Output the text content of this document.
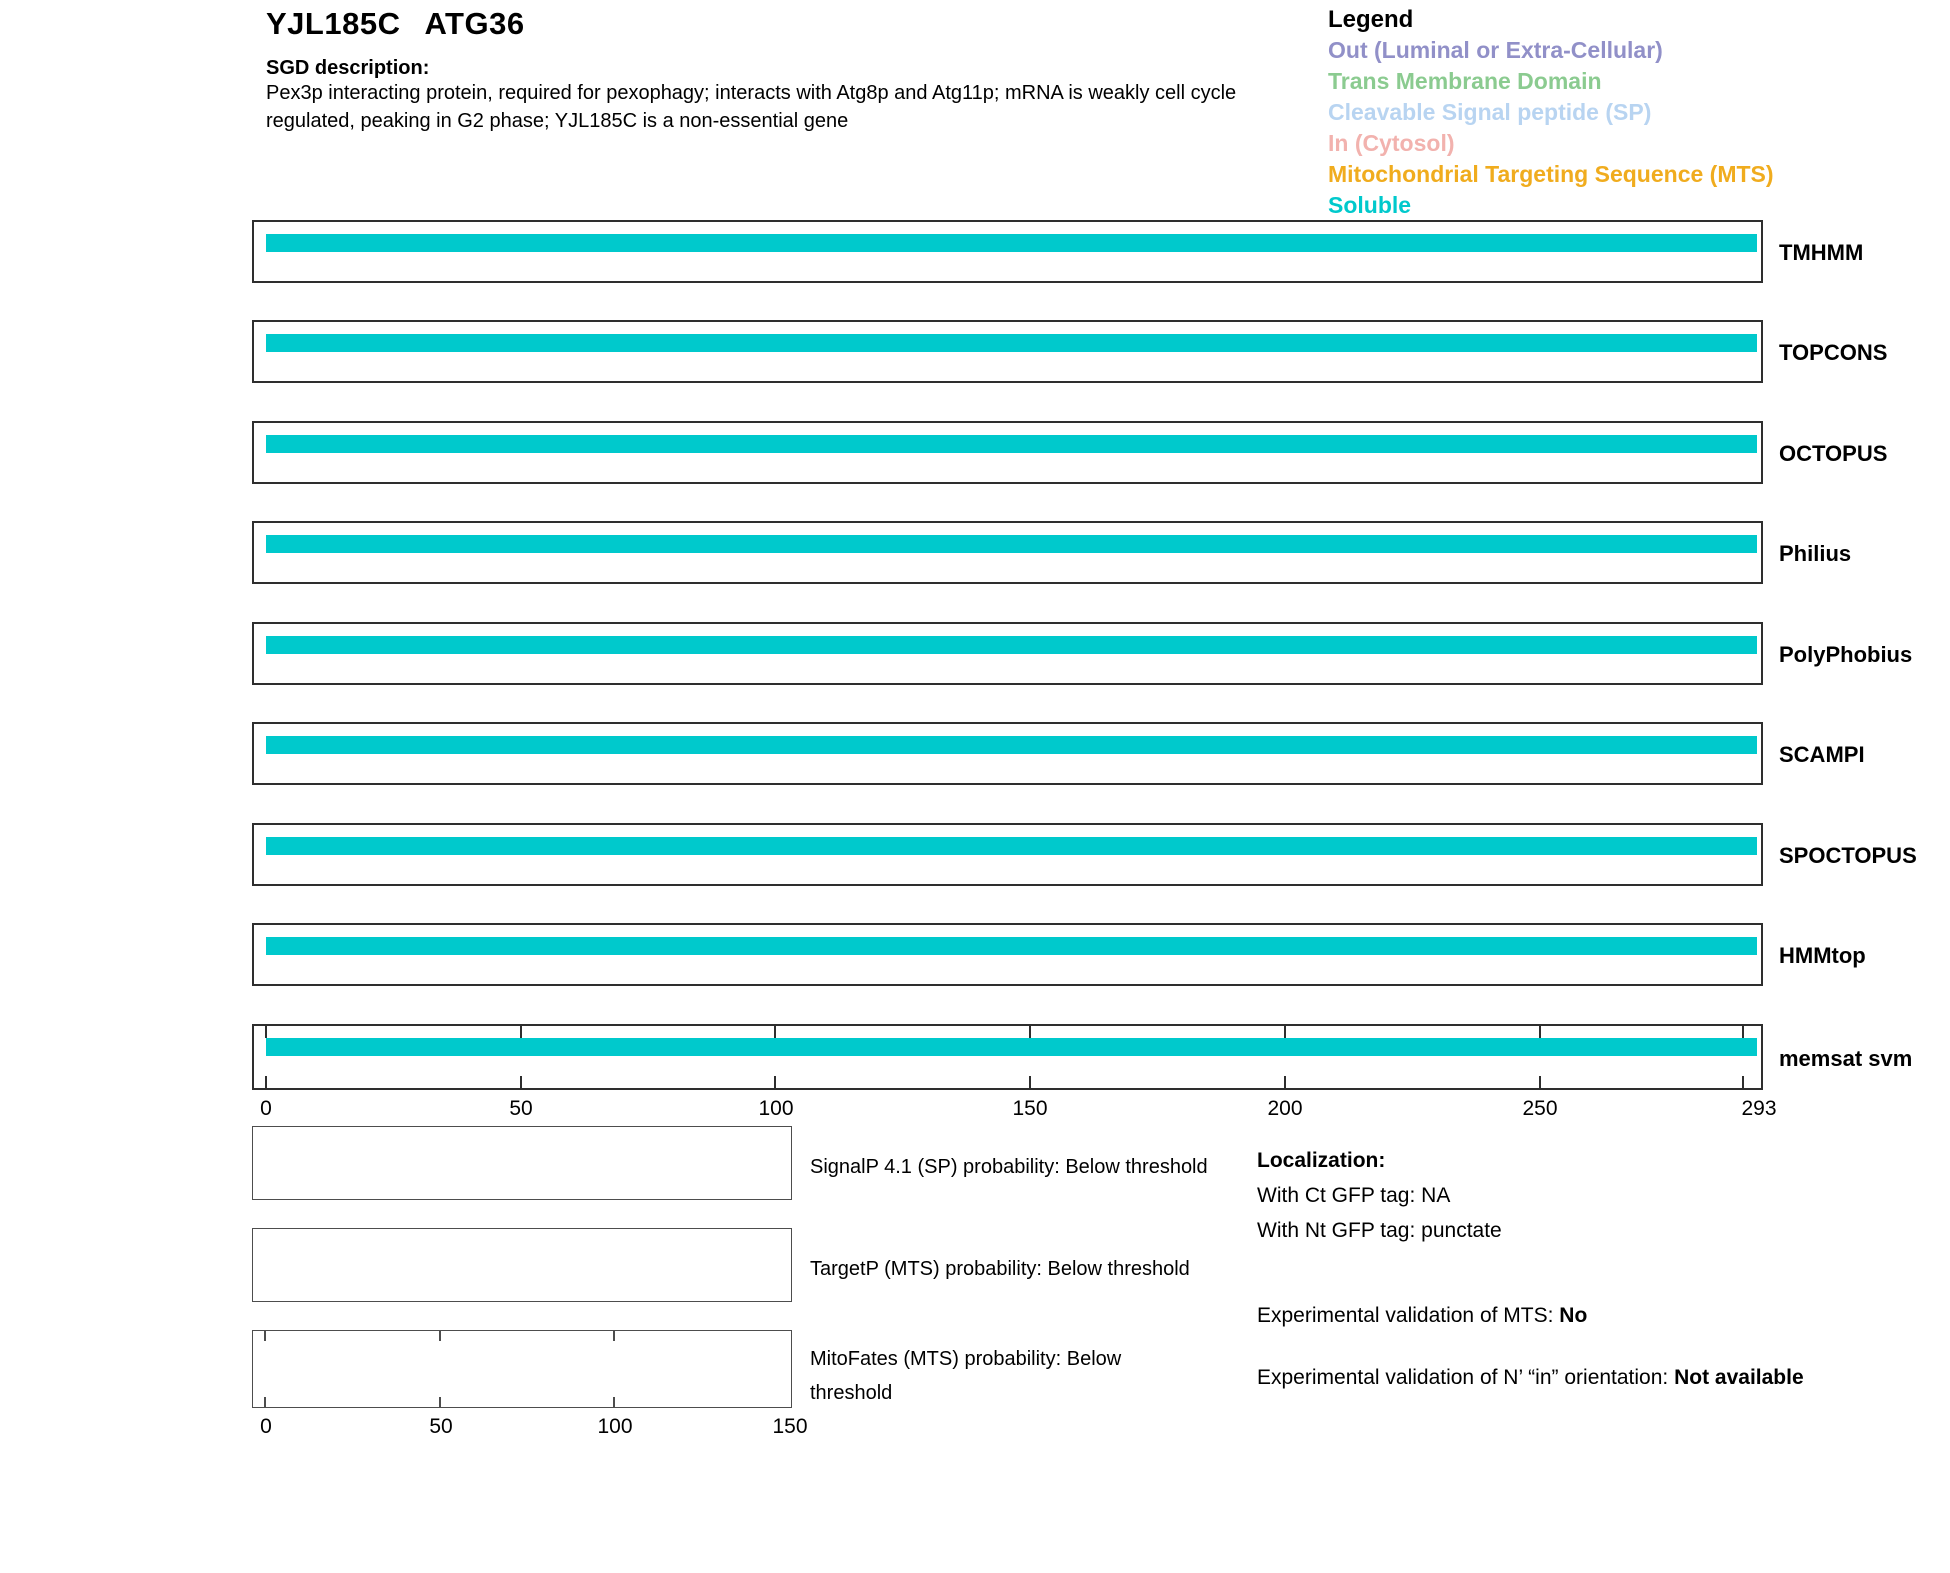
YJL185C ATG36
SGD description:
Pex3p interacting protein, required for pexophagy; interacts with Atg8p and Atg11p; mRNA is weakly cell cycle
regulated, peaking in G2 phase; YJL185C is a non-essential gene
Legend
Out (Luminal or Extra-Cellular)
Trans Membrane Domain
Cleavable Signal peptide (SP)
In (Cytosol)
Mitochondrial Targeting Sequence (MTS)
Soluble
TMHMM
TOPCONS
OCTOPUS
Philius
PolyPhobius
SCAMPI
SPOCTOPUS
HMMtop
memsat svm
0	50	100	150	200	250	293
SignalP 4.1 (SP) probability: Below threshold
TargetP (MTS) probability: Below threshold
MitoFates (MTS) probability: Below
threshold
0	50	100	150
Localization:
With Ct GFP tag: NA
With Nt GFP tag: punctate
Experimental validation of MTS: No
Experimental validation of N’ “in” orientation: Not available
